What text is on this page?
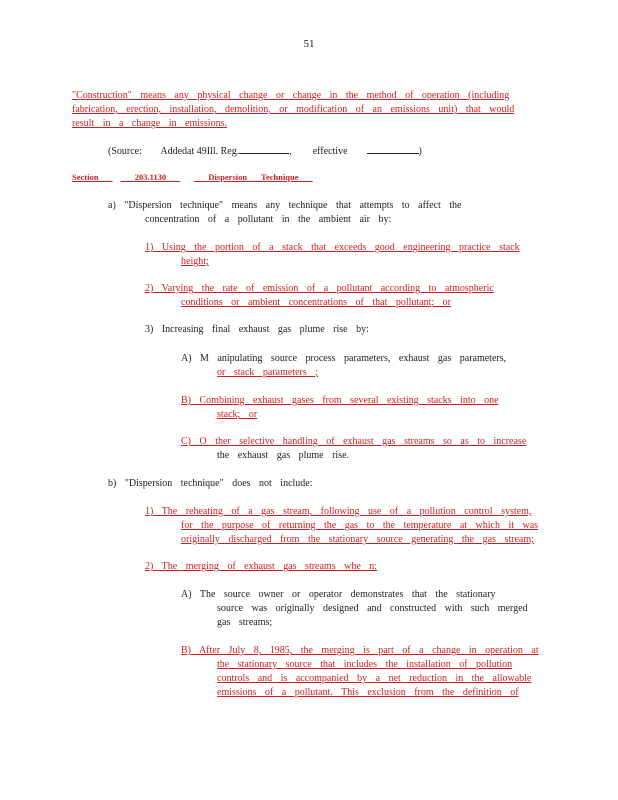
51
"Construction" means any physical change or change in the method of operation (including
fabrication, erection, installation, demolition, or modification of an emissions unit) that would
result in a change in emissions.
(Source: Addedat 49Ill. Reg.	, effective	)
Section	203.1130	Dispersion Technique
a) "Dispersion technique" means any technique that attempts to affect the
concentration of a pollutant in the ambient air by:
1) Using the portion of a stack that exceeds good engineering practice stack
height;
2) Varying the rate of emission of a pollutant according to atmospheric
conditions or ambient concentrations of that pollutant; or
3) Increasing final exhaust gas plume rise by:
A) M anipulating source process parameters, exhaust gas parameters,
or stack parameters ;
B) Combining exhaust gases from several existing stacks into one
stack; or
C) O ther selective handling of exhaust gas streams so as to increase
the exhaust gas plume rise.
b) "Dispersion technique" does not include:
1) The reheating of a gas stream, following use of a pollution control system,
for the purpose of returning the gas to the temperature at which it was
originally discharged from the stationary source generating the gas stream;
2) The merging of exhaust gas streams whe n:
A) The source owner or operator demonstrates that the stationary
source was originally designed and constructed with such merged
gas streams;
B) After July 8, 1985, the merging is part of a change in operation at
the stationary source that includes the installation of pollution
controls and is accompanied by a net reduction in the allowable
emissions of a pollutant. This exclusion from the definition of
